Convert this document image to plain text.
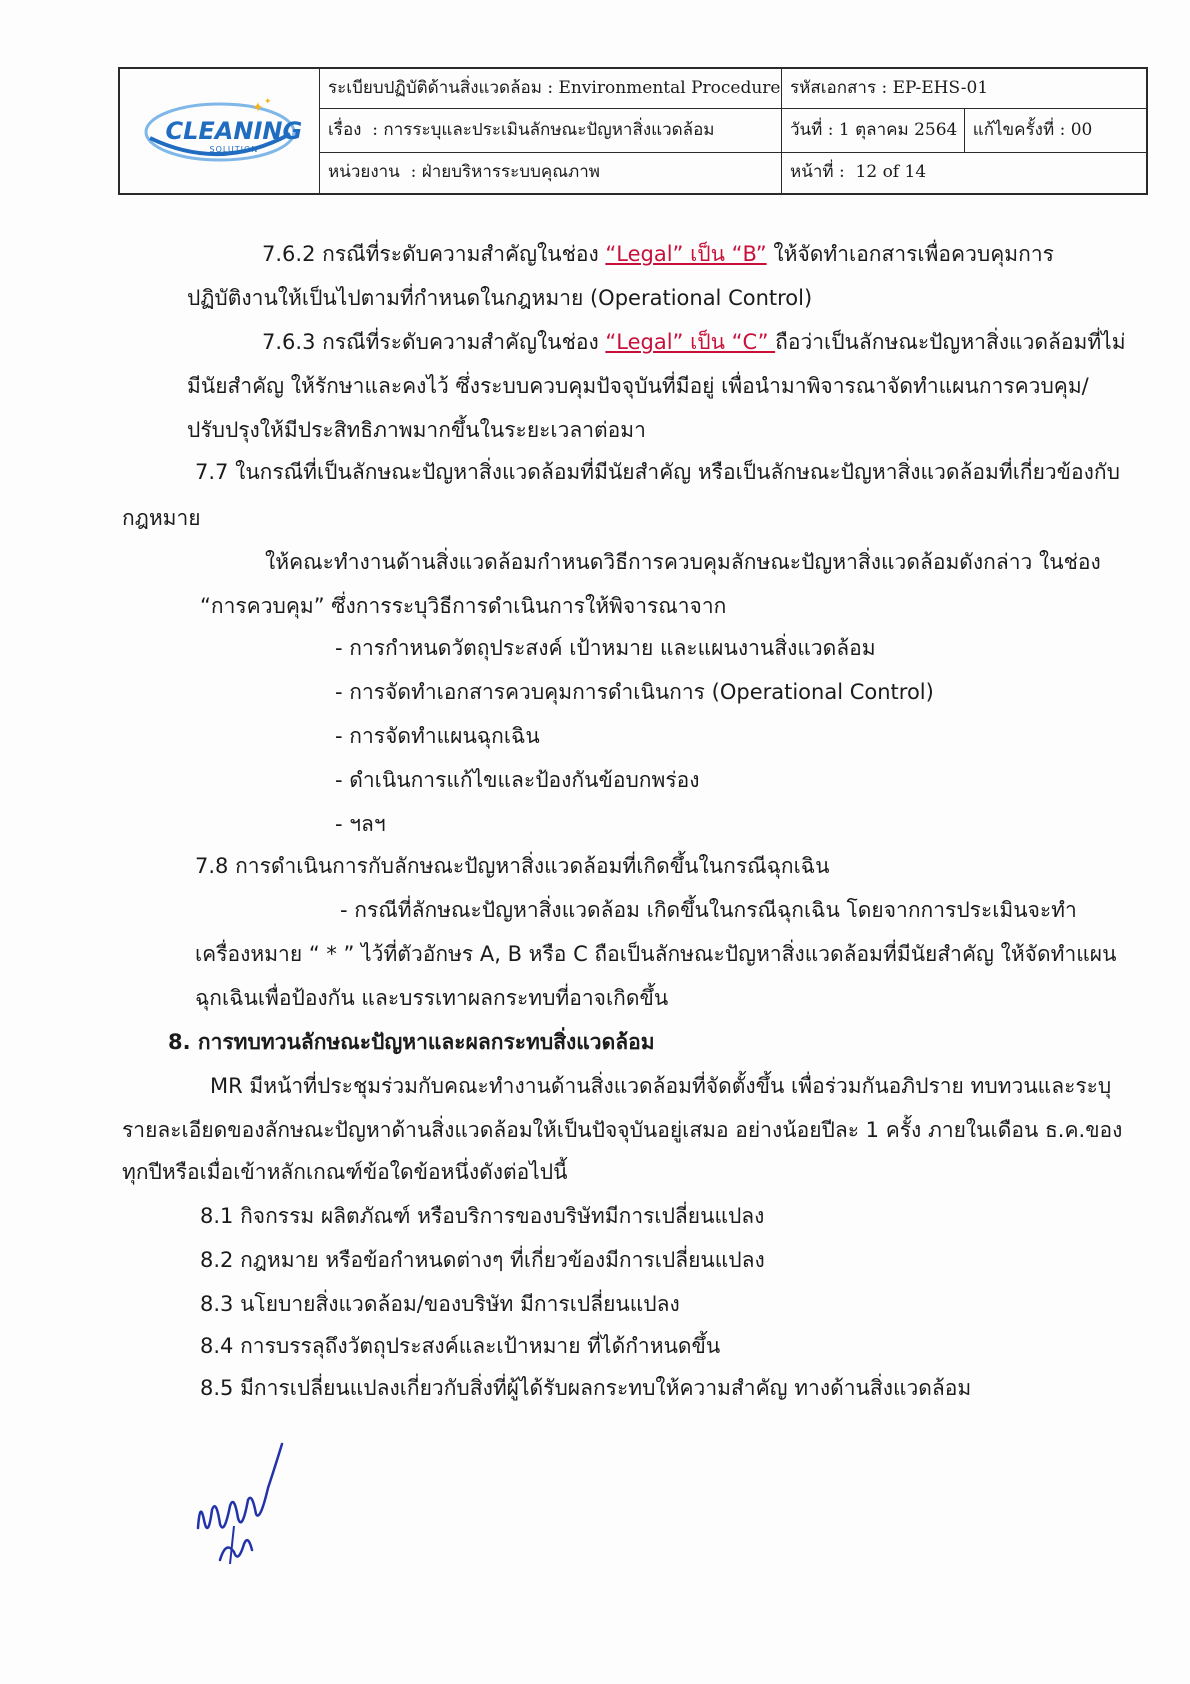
✦ ✦
CLEANING
SOLUTION	ระเบียบปฏิบัติด้านสิ่งแวดล้อม : Environmental Procedure	รหัสเอกสาร : EP-EHS-01	
	เรื่อง : การระบุและประเมินลักษณะปัญหาสิ่งแวดล้อม	วันที่ : 1 ตุลาคม 2564	แก้ไขครั้งที่ : 00
	หน่วยงาน : ฝ่ายบริหารระบบคุณภาพ	หน้าที่ : 12 of 14	
7.6.2 กรณีที่ระดับความสำคัญในช่อง “Legal” เป็น “B” ให้จัดทำเอกสารเพื่อควบคุมการ
ปฏิบัติงานให้เป็นไปตามที่กำหนดในกฎหมาย (Operational Control)
7.6.3 กรณีที่ระดับความสำคัญในช่อง “Legal” เป็น “C” ถือว่าเป็นลักษณะปัญหาสิ่งแวดล้อมที่ไม่
มีนัยสำคัญ ให้รักษาและคงไว้ ซึ่งระบบควบคุมปัจจุบันที่มีอยู่ เพื่อนำมาพิจารณาจัดทำแผนการควบคุม/
ปรับปรุงให้มีประสิทธิภาพมากขึ้นในระยะเวลาต่อมา
7.7 ในกรณีที่เป็นลักษณะปัญหาสิ่งแวดล้อมที่มีนัยสำคัญ หรือเป็นลักษณะปัญหาสิ่งแวดล้อมที่เกี่ยวข้องกับ
กฎหมาย
ให้คณะทำงานด้านสิ่งแวดล้อมกำหนดวิธีการควบคุมลักษณะปัญหาสิ่งแวดล้อมดังกล่าว ในช่อง
“การควบคุม” ซึ่งการระบุวิธีการดำเนินการให้พิจารณาจาก
- การกำหนดวัตถุประสงค์ เป้าหมาย และแผนงานสิ่งแวดล้อม
- การจัดทำเอกสารควบคุมการดำเนินการ (Operational Control)
- การจัดทำแผนฉุกเฉิน
- ดำเนินการแก้ไขและป้องกันข้อบกพร่อง
- ฯลฯ
7.8 การดำเนินการกับลักษณะปัญหาสิ่งแวดล้อมที่เกิดขึ้นในกรณีฉุกเฉิน
- กรณีที่ลักษณะปัญหาสิ่งแวดล้อม เกิดขึ้นในกรณีฉุกเฉิน โดยจากการประเมินจะทำ
เครื่องหมาย “ * ” ไว้ที่ตัวอักษร A, B หรือ C ถือเป็นลักษณะปัญหาสิ่งแวดล้อมที่มีนัยสำคัญ ให้จัดทำแผน
ฉุกเฉินเพื่อป้องกัน และบรรเทาผลกระทบที่อาจเกิดขึ้น
8. การทบทวนลักษณะปัญหาและผลกระทบสิ่งแวดล้อม
MR มีหน้าที่ประชุมร่วมกับคณะทำงานด้านสิ่งแวดล้อมที่จัดตั้งขึ้น เพื่อร่วมกันอภิปราย ทบทวนและระบุ
รายละเอียดของลักษณะปัญหาด้านสิ่งแวดล้อมให้เป็นปัจจุบันอยู่เสมอ อย่างน้อยปีละ 1 ครั้ง ภายในเดือน ธ.ค.ของ
ทุกปีหรือเมื่อเข้าหลักเกณฑ์ข้อใดข้อหนึ่งดังต่อไปนี้
8.1 กิจกรรม ผลิตภัณฑ์ หรือบริการของบริษัทมีการเปลี่ยนแปลง
8.2 กฎหมาย หรือข้อกำหนดต่างๆ ที่เกี่ยวข้องมีการเปลี่ยนแปลง
8.3 นโยบายสิ่งแวดล้อม/ของบริษัท มีการเปลี่ยนแปลง
8.4 การบรรลุถึงวัตถุประสงค์และเป้าหมาย ที่ได้กำหนดขึ้น
8.5 มีการเปลี่ยนแปลงเกี่ยวกับสิ่งที่ผู้ได้รับผลกระทบให้ความสำคัญ ทางด้านสิ่งแวดล้อม
